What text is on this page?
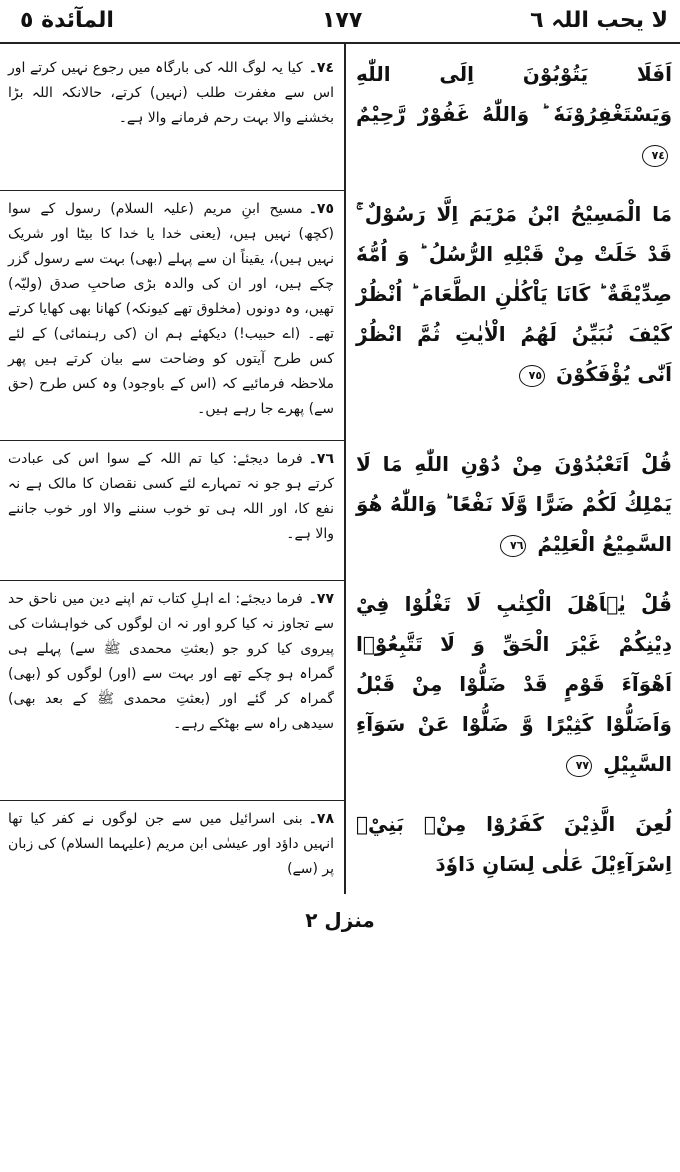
المآئدة ٥	١٧٧	لا یحب اللہ ٦
٧٤۔کیا یہ لوگ اللہ کی بارگاہ میں رجوع نہیں کرتے اور اس سے مغفرت طلب (نہیں) کرتے، حالانکہ اللہ بڑا بخشنے والا بہت رحم فرمانے والا ہے۔
اَفَلَا يَتُوْبُوْنَ اِلَى اللّٰهِ وَيَسْتَغْفِرُوْنَهٗ ؕ وَاللّٰهُ غَفُوْرٌ رَّحِيْمٌ ٧٤
٧٥۔مسیح ابنِ مریم (علیہ السلام) رسول کے سوا (کچھ) نہیں ہیں، (یعنی خدا یا خدا کا بیٹا اور شریک نہیں ہیں)، یقیناً ان سے پہلے (بھی) بہت سے رسول گزر چکے ہیں، اور ان کی والدہ بڑی صاحبِ صدق (ولیّہ) تھیں، وہ دونوں (مخلوق تھے کیونکہ) کھانا بھی کھایا کرتے تھے۔ (اے حبیب!) دیکھئے ہم ان (کی رہنمائی) کے لئے کس طرح آیتوں کو وضاحت سے بیان کرتے ہیں پھر ملاحظہ فرمائیے کہ (اس کے باوجود) وہ کس طرح (حق سے) پھرے جا رہے ہیں۔
مَا الْمَسِيْحُ ابْنُ مَرْيَمَ اِلَّا رَسُوْلٌ ۚ قَدْ خَلَتْ مِنْ قَبْلِهِ الرُّسُلُ ؕ وَ اُمُّهٗ صِدِّيْقَةٌ ؕ كَانَا يَاْكُلٰنِ الطَّعَامَ ؕ اُنْظُرْ كَيْفَ نُبَيِّنُ لَهُمُ الْاٰيٰتِ ثُمَّ انْظُرْ اَنّٰى يُؤْفَكُوْنَ ٧٥
٧٦۔فرما دیجئے: کیا تم اللہ کے سوا اس کی عبادت کرتے ہو جو نہ تمہارے لئے کسی نقصان کا مالک ہے نہ نفع کا، اور اللہ ہی تو خوب سننے والا اور خوب جاننے والا ہے۔
قُلْ اَتَعْبُدُوْنَ مِنْ دُوْنِ اللّٰهِ مَا لَا يَمْلِكُ لَكُمْ ضَرًّا وَّلَا نَفْعًا ؕ وَاللّٰهُ هُوَ السَّمِيْعُ الْعَلِيْمُ ٧٦
٧٧۔فرما دیجئے: اے اہلِ کتاب تم اپنے دین میں ناحق حد سے تجاوز نہ کیا کرو اور نہ ان لوگوں کی خواہشات کی پیروی کیا کرو جو (بعثتِ محمدی ﷺ سے) پہلے ہی گمراہ ہو چکے تھے اور بہت سے (اور) لوگوں کو (بھی) گمراہ کر گئے اور (بعثتِ محمدی ﷺ کے بعد بھی) سیدھی راہ سے بھٹکے رہے۔
قُلْ يٰۤاَهْلَ الْكِتٰبِ لَا تَغْلُوْا فِيْ دِيْنِكُمْ غَيْرَ الْحَقِّ وَ لَا تَتَّبِعُوْۤا اَهْوَآءَ قَوْمٍ قَدْ ضَلُّوْا مِنْ قَبْلُ وَاَضَلُّوْا كَثِيْرًا وَّ ضَلُّوْا عَنْ سَوَآءِ السَّبِيْلِ ٧٧
٧٨۔بنی اسرائیل میں سے جن لوگوں نے کفر کیا تھا انہیں داؤد اور عیسٰی ابن مریم (علیہما السلام) کی زبان پر (سے)
لُعِنَ الَّذِيْنَ كَفَرُوْا مِنْۢ بَنِيْۤ اِسْرَآءِيْلَ عَلٰى لِسَانِ دَاوٗدَ
منزل ٢
